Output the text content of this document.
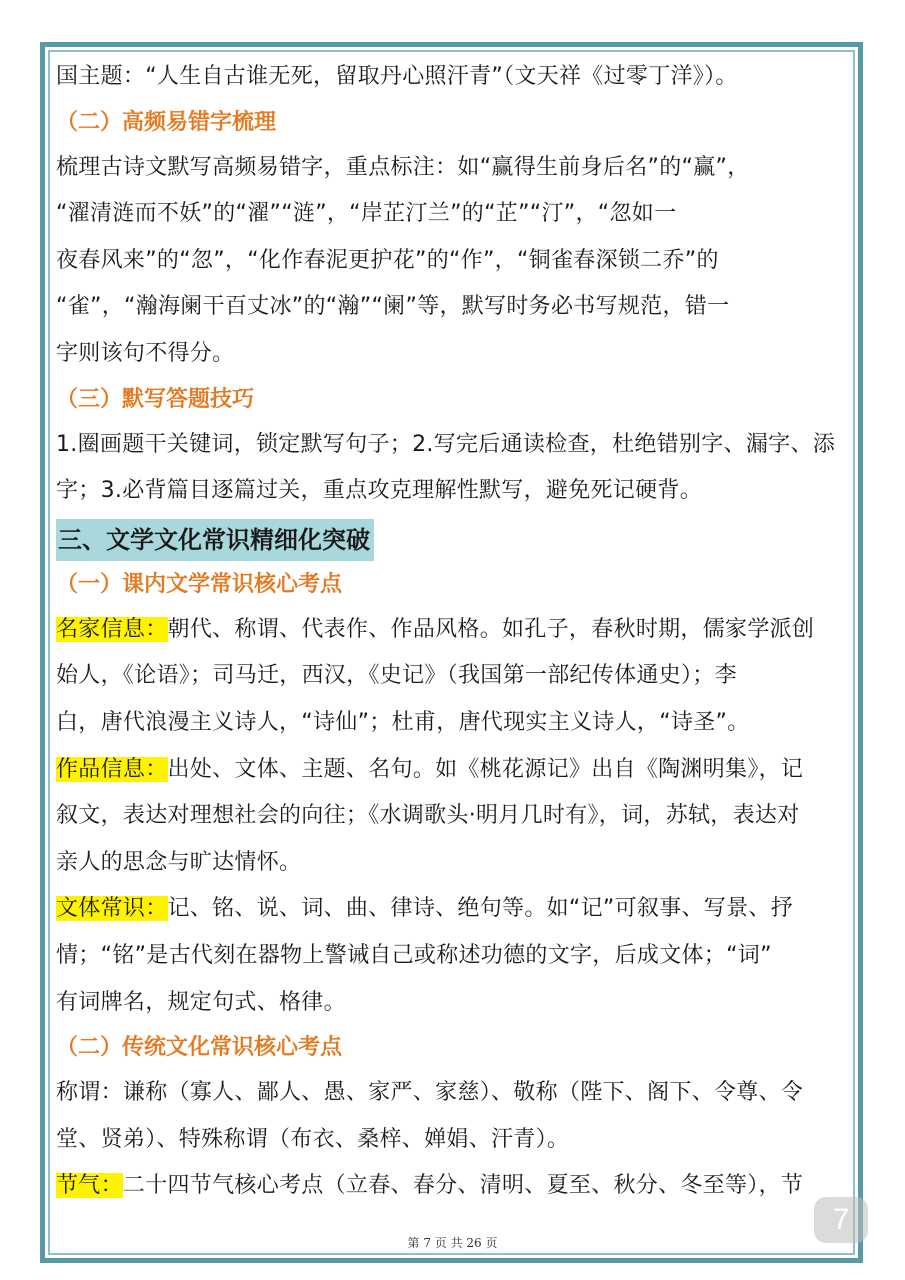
国主题：“人生自古谁无死，留取丹心照汗青”（文天祥《过零丁洋》）。
（二）高频易错字梳理
梳理古诗文默写高频易错字，重点标注：如“赢得生前身后名”的“赢”，
“濯清涟而不妖”的“濯”“涟”，“岸芷汀兰”的“芷”“汀”，“忽如一
夜春风来”的“忽”，“化作春泥更护花”的“作”，“铜雀春深锁二乔”的
“雀”，“瀚海阑干百丈冰”的“瀚”“阑”等，默写时务必书写规范，错一
字则该句不得分。
（三）默写答题技巧
1.圈画题干关键词，锁定默写句子；2.写完后通读检查，杜绝错别字、漏字、添
字；3.必背篇目逐篇过关，重点攻克理解性默写，避免死记硬背。
三、文学文化常识精细化突破
（一）课内文学常识核心考点
名家信息：朝代、称谓、代表作、作品风格。如孔子，春秋时期，儒家学派创
始人，《论语》；司马迁，西汉，《史记》（我国第一部纪传体通史）；李
白，唐代浪漫主义诗人，“诗仙”；杜甫，唐代现实主义诗人，“诗圣”。
作品信息：出处、文体、主题、名句。如《桃花源记》出自《陶渊明集》，记
叙文，表达对理想社会的向往；《水调歌头·明月几时有》，词，苏轼，表达对
亲人的思念与旷达情怀。
文体常识：记、铭、说、词、曲、律诗、绝句等。如“记”可叙事、写景、抒
情；“铭”是古代刻在器物上警诫自己或称述功德的文字，后成文体；“词”
有词牌名，规定句式、格律。
（二）传统文化常识核心考点
称谓：谦称（寡人、鄙人、愚、家严、家慈）、敬称（陛下、阁下、令尊、令
堂、贤弟）、特殊称谓（布衣、桑梓、婵娟、汗青）。
节气：二十四节气核心考点（立春、春分、清明、夏至、秋分、冬至等），节
7
第 7 页 共 26 页
